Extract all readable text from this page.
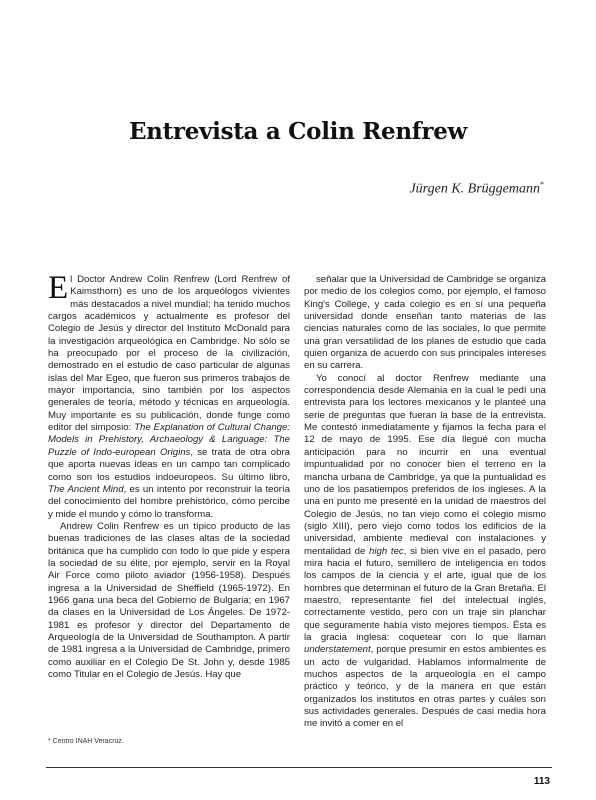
Entrevista a Colin Renfrew
Jürgen K. Brüggemann*

El Doctor Andrew Colin Renfrew (Lord Renfrew of Kaimsthorn) es uno de los arqueólogos vivientes más destacados a nivel mundial; ha tenido muchos cargos académicos y actualmente es profesor del Colegio de Jesús y director del Instituto McDonald para la investigación arqueológica en Cambridge. No sólo se ha preocupado por el proceso de la civilización, demostrado en el estudio de caso particular de algunas islas del Mar Egeo, que fueron sus primeros trabajos de mayor importancia, sino también por los aspectos generales de teoría, método y técnicas en arqueología. Muy importante es su publicación, donde funge como editor del simposio: The Explanation of Cultural Change: Models in Prehistory, Archaeology & Language: The Puzzle of Indo-european Origins, se trata de otra obra que aporta nuevas ideas en un campo tan complicado como son los estudios indoeuropeos. Su último libro, The Ancient Mind, es un intento por reconstruir la teoría del conocimiento del hombre prehistórico, cómo percibe y mide el mundo y cómo lo transforma.

Andrew Colin Renfrew es un típico producto de las buenas tradiciones de las clases altas de la sociedad británica que ha cumplido con todo lo que pide y espera la sociedad de su élite, por ejemplo, servir en la Royal Air Force como piloto aviador (1956-1958). Después ingresa a la Universidad de Sheffield (1965-1972). En 1966 gana una beca del Gobierno de Bulgaria; en 1967 da clases en la Universidad de Los Ángeles. De 1972-1981 es profesor y director del Departamento de Arqueología de la Universidad de Southampton. A partir de 1981 ingresa a la Universidad de Cambridge, primero como auxiliar en el Colegio De St. John y, desde 1985 como Titular en el Colegio de Jesús. Hay que

señalar que la Universidad de Cambridge se organiza por medio de los colegios como, por ejemplo, el famoso King's College, y cada colegio es en sí una pequeña universidad donde enseñan tanto materias de las ciencias naturales como de las sociales, lo que permite una gran versatilidad de los planes de estudio que cada quien organiza de acuerdo con sus principales intereses en su carrera.

Yo conocí al doctor Renfrew mediante una correspondencia desde Alemania en la cual le pedí una entrevista para los lectores mexicanos y le planteé una serie de preguntas que fueran la base de la entrevista. Me contestó inmediatamente y fijamos la fecha para el 12 de mayo de 1995. Ese día llegué con mucha anticipación para no incurrir en una eventual impuntualidad por no conocer bien el terreno en la mancha urbana de Cambridge, ya que la puntualidad es uno de los pasatiempos preferidos de los ingleses. A la una en punto me presenté en la unidad de maestros del Colegio de Jesús, no tan viejo como el colegio mismo (siglo XIII), pero viejo como todos los edificios de la universidad, ambiente medieval con instalaciones y mentalidad de high tec, si bien vive en el pasado, pero mira hacia el futuro, semillero de inteligencia en todos los campos de la ciencia y el arte, igual que de los hombres que determinan el futuro de la Gran Bretaña. El maestro, representante fiel del intelectual inglés, correctamente vestido, pero con un traje sin planchar que seguramente había visto mejores tiempos. Ésta es la gracia inglesa: coquetear con lo que llaman understatement, porque presumir en estos ambientes es un acto de vulgaridad. Hablamos informalmente de muchos aspectos de la arqueología en el campo práctico y teórico, y de la manera en que están organizados los institutos en otras partes y cuáles son sus actividades generales. Después de casi media hora me invitó a comer en el

* Centro INAH Veracruz.
113
